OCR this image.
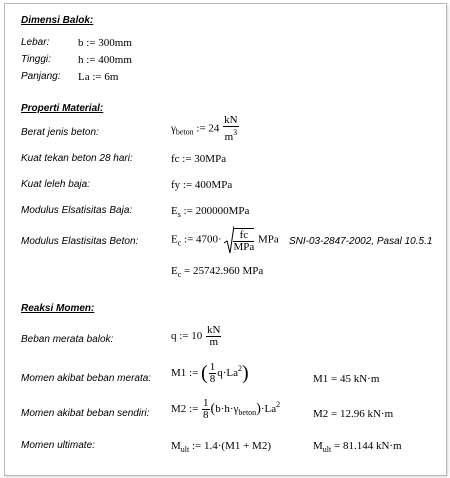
Dimensi Balok:
Lebar:	b := 300mm
Tinggi: h := 400mm
Panjang: La := 6m
Properti Material:
Berat jenis beton:	$\gamma_{beton}$ := $24 \frac{kN}{m^3}$
Kuat tekan beton 28 hari:	fc := 30MPa
Kuat leleh baja:	fy := 400MPa
Modulus Elsatisitas Baja:	$E_s$ := 200000MPa
Modulus Elastisitas Beton:	$E_c$ := $4700\cdot \frac{fc}{\text{MPa}}$ MPa SNI-03-2847-2002, Pasal 10.5.1
$E_c = 25742.960$ MPa
Reaksi Momen:
Beban merata balok:	q := $10 \frac{kN}{m}$
Momen akibat beban merata: M1 := ( $\frac{1}{8} q\cdot La^2$)	M1 = 45 kN·m
Momen akibat beban sendiri: M2 := $\frac{1}{8} (b\cdot h\cdot\gamma_{beton})\cdot La^2$
M2 = 12.96 kN·m
Momen ultimate:	$M_{ult}$ := 1.4·(M1 + M2)	$M_{ult} = 81.144$ kN·m
